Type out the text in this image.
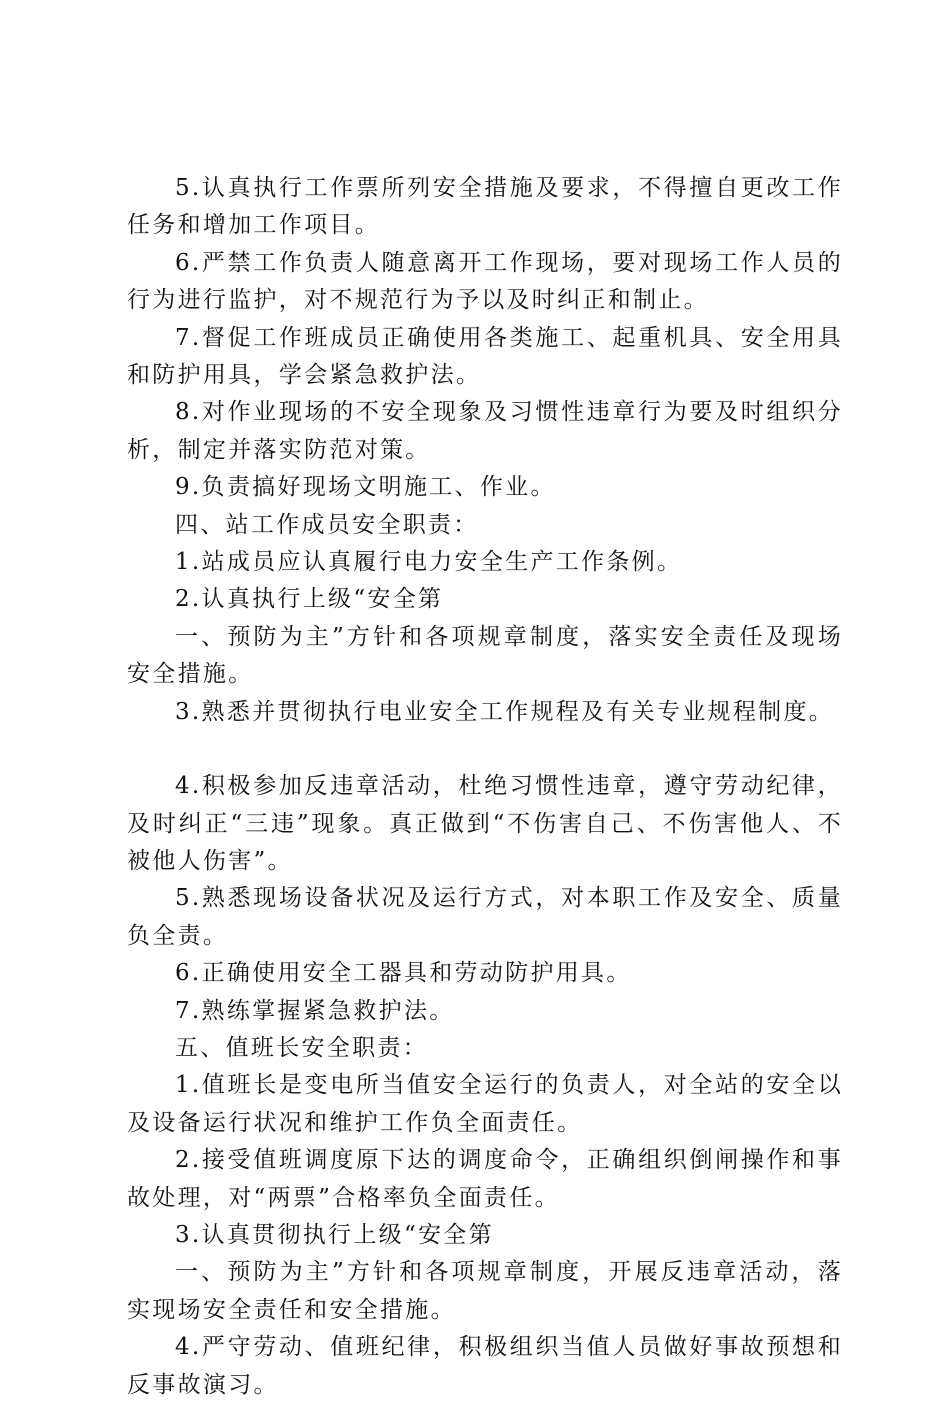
5.认真执行工作票所列安全措施及要求，不得擅自更改工作任务和增加工作项目。

6.严禁工作负责人随意离开工作现场，要对现场工作人员的行为进行监护，对不规范行为予以及时纠正和制止。

7.督促工作班成员正确使用各类施工、起重机具、安全用具和防护用具，学会紧急救护法。

8.对作业现场的不安全现象及习惯性违章行为要及时组织分析，制定并落实防范对策。

9.负责搞好现场文明施工、作业。

四、站工作成员安全职责：

1.站成员应认真履行电力安全生产工作条例。

2.认真执行上级“安全第

一、预防为主”方针和各项规章制度，落实安全责任及现场安全措施。

3.熟悉并贯彻执行电业安全工作规程及有关专业规程制度。

4.积极参加反违章活动，杜绝习惯性违章，遵守劳动纪律，及时纠正“三违”现象。真正做到“不伤害自己、不伤害他人、不被他人伤害”。

5.熟悉现场设备状况及运行方式，对本职工作及安全、质量负全责。

6.正确使用安全工器具和劳动防护用具。

7.熟练掌握紧急救护法。

五、值班长安全职责：

1.值班长是变电所当值安全运行的负责人，对全站的安全以及设备运行状况和维护工作负全面责任。

2.接受值班调度原下达的调度命令，正确组织倒闸操作和事故处理，对“两票”合格率负全面责任。

3.认真贯彻执行上级“安全第

一、预防为主”方针和各项规章制度，开展反违章活动，落实现场安全责任和安全措施。

4.严守劳动、值班纪律，积极组织当值人员做好事故预想和反事故演习。
